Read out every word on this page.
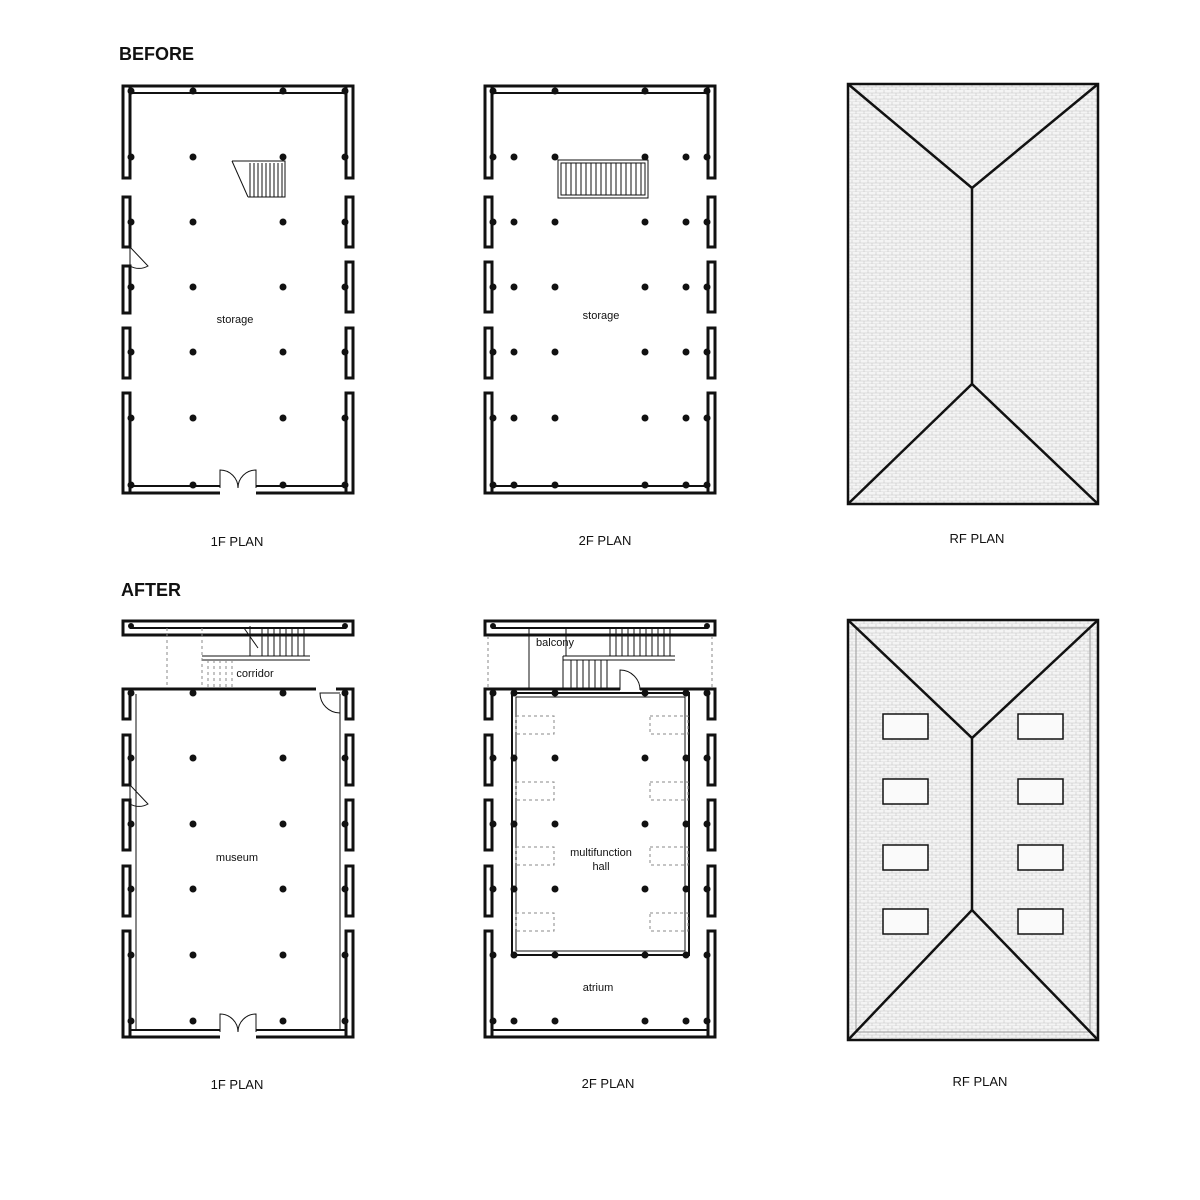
BEFORE
AFTER
storage	storage
corridor
museum
balcony
multifunction
hall
atrium
1F PLAN	2F PLAN	RF PLAN
1F PLAN	2F PLAN	RF PLAN
